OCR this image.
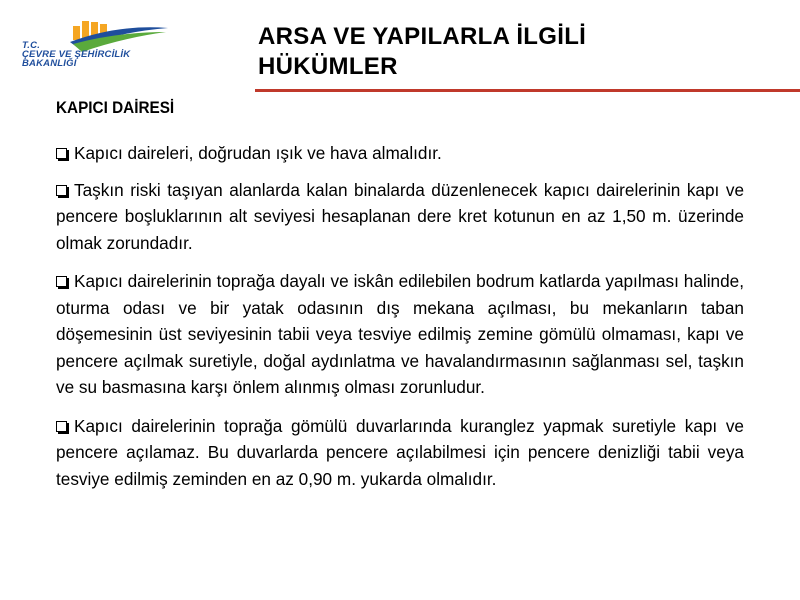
T.C.
ÇEVRE VE ŞEHİRCİLİK
BAKANLIĞI
ARSA VE YAPILARLA İLGİLİ HÜKÜMLER
KAPICI DAİRESİ

Kapıcı daireleri, doğrudan ışık ve hava almalıdır.

Taşkın riski taşıyan alanlarda kalan binalarda düzenlenecek kapıcı dairelerinin kapı ve pencere boşluklarının alt seviyesi hesaplanan dere kret kotunun en az 1,50 m. üzerinde olmak zorundadır.

Kapıcı dairelerinin toprağa dayalı ve iskân edilebilen bodrum katlarda yapılması halinde, oturma odası ve bir yatak odasının dış mekana açılması, bu mekanların taban döşemesinin üst seviyesinin tabii veya tesviye edilmiş zemine gömülü olmaması, kapı ve pencere açılmak suretiyle, doğal aydınlatma ve havalandırmasının sağlanması sel, taşkın ve su basmasına karşı önlem alınmış olması zorunludur.

Kapıcı dairelerinin toprağa gömülü duvarlarında kuranglez yapmak suretiyle kapı ve pencere açılamaz. Bu duvarlarda pencere açılabilmesi için pencere denizliği tabii veya tesviye edilmiş zeminden en az 0,90 m. yukarda olmalıdır.
